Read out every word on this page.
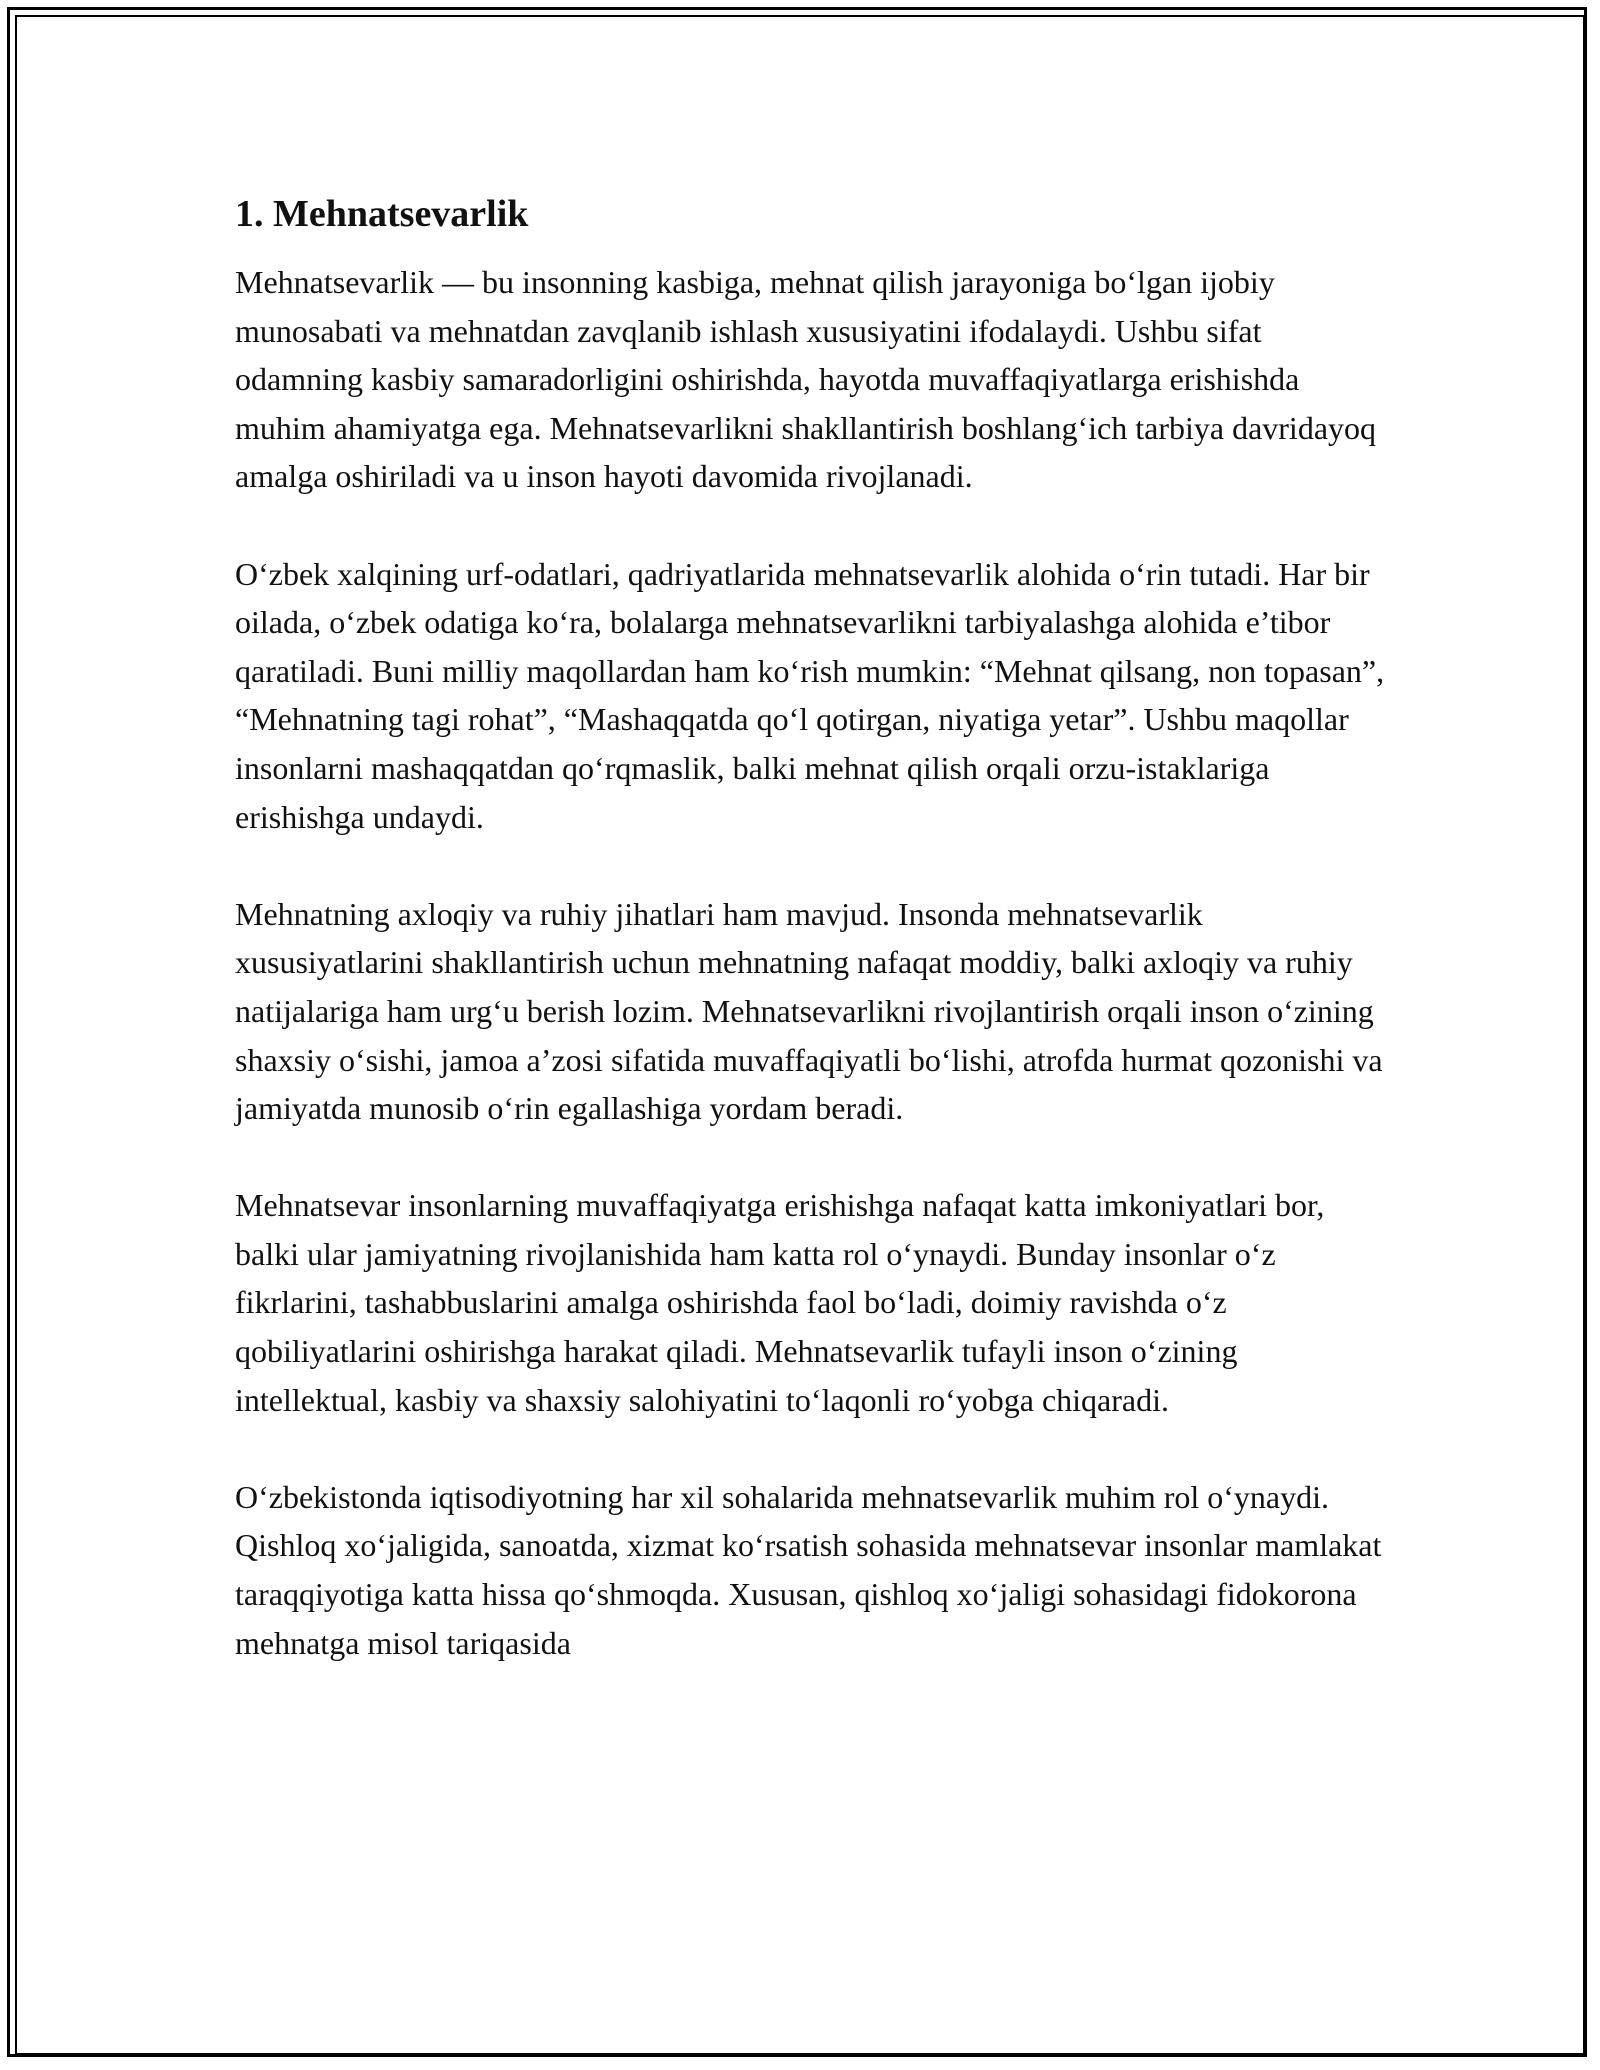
1. Mehnatsevarlik

Mehnatsevarlik — bu insonning kasbiga, mehnat qilish jarayoniga bo‘lgan ijobiy munosabati va mehnatdan zavqlanib ishlash xususiyatini ifodalaydi. Ushbu sifat odamning kasbiy samaradorligini oshirishda, hayotda muvaffaqiyatlarga erishishda muhim ahamiyatga ega. Mehnatsevarlikni shakllantirish boshlang‘ich tarbiya davridayoq amalga oshiriladi va u inson hayoti davomida rivojlanadi.

O‘zbek xalqining urf-odatlari, qadriyatlarida mehnatsevarlik alohida o‘rin tutadi. Har bir oilada, o‘zbek odatiga ko‘ra, bolalarga mehnatsevarlikni tarbiyalashga alohida e’tibor qaratiladi. Buni milliy maqollardan ham ko‘rish mumkin: “Mehnat qilsang, non topasan”, “Mehnatning tagi rohat”, “Mashaqqatda qo‘l qotirgan, niyatiga yetar”. Ushbu maqollar insonlarni mashaqqatdan qo‘rqmaslik, balki mehnat qilish orqali orzu-istaklariga erishishga undaydi.

Mehnatning axloqiy va ruhiy jihatlari ham mavjud. Insonda mehnatsevarlik xususiyatlarini shakllantirish uchun mehnatning nafaqat moddiy, balki axloqiy va ruhiy natijalariga ham urg‘u berish lozim. Mehnatsevarlikni rivojlantirish orqali inson o‘zining shaxsiy o‘sishi, jamoa a’zosi sifatida muvaffaqiyatli bo‘lishi, atrofda hurmat qozonishi va jamiyatda munosib o‘rin egallashiga yordam beradi.

Mehnatsevar insonlarning muvaffaqiyatga erishishga nafaqat katta imkoniyatlari bor, balki ular jamiyatning rivojlanishida ham katta rol o‘ynaydi. Bunday insonlar o‘z fikrlarini, tashabbuslarini amalga oshirishda faol bo‘ladi, doimiy ravishda o‘z qobiliyatlarini oshirishga harakat qiladi. Mehnatsevarlik tufayli inson o‘zining intellektual, kasbiy va shaxsiy salohiyatini to‘laqonli ro‘yobga chiqaradi.

O‘zbekistonda iqtisodiyotning har xil sohalarida mehnatsevarlik muhim rol o‘ynaydi. Qishloq xo‘jaligida, sanoatda, xizmat ko‘rsatish sohasida mehnatsevar insonlar mamlakat taraqqiyotiga katta hissa qo‘shmoqda. Xususan, qishloq xo‘jaligi sohasidagi fidokorona mehnatga misol tariqasida
